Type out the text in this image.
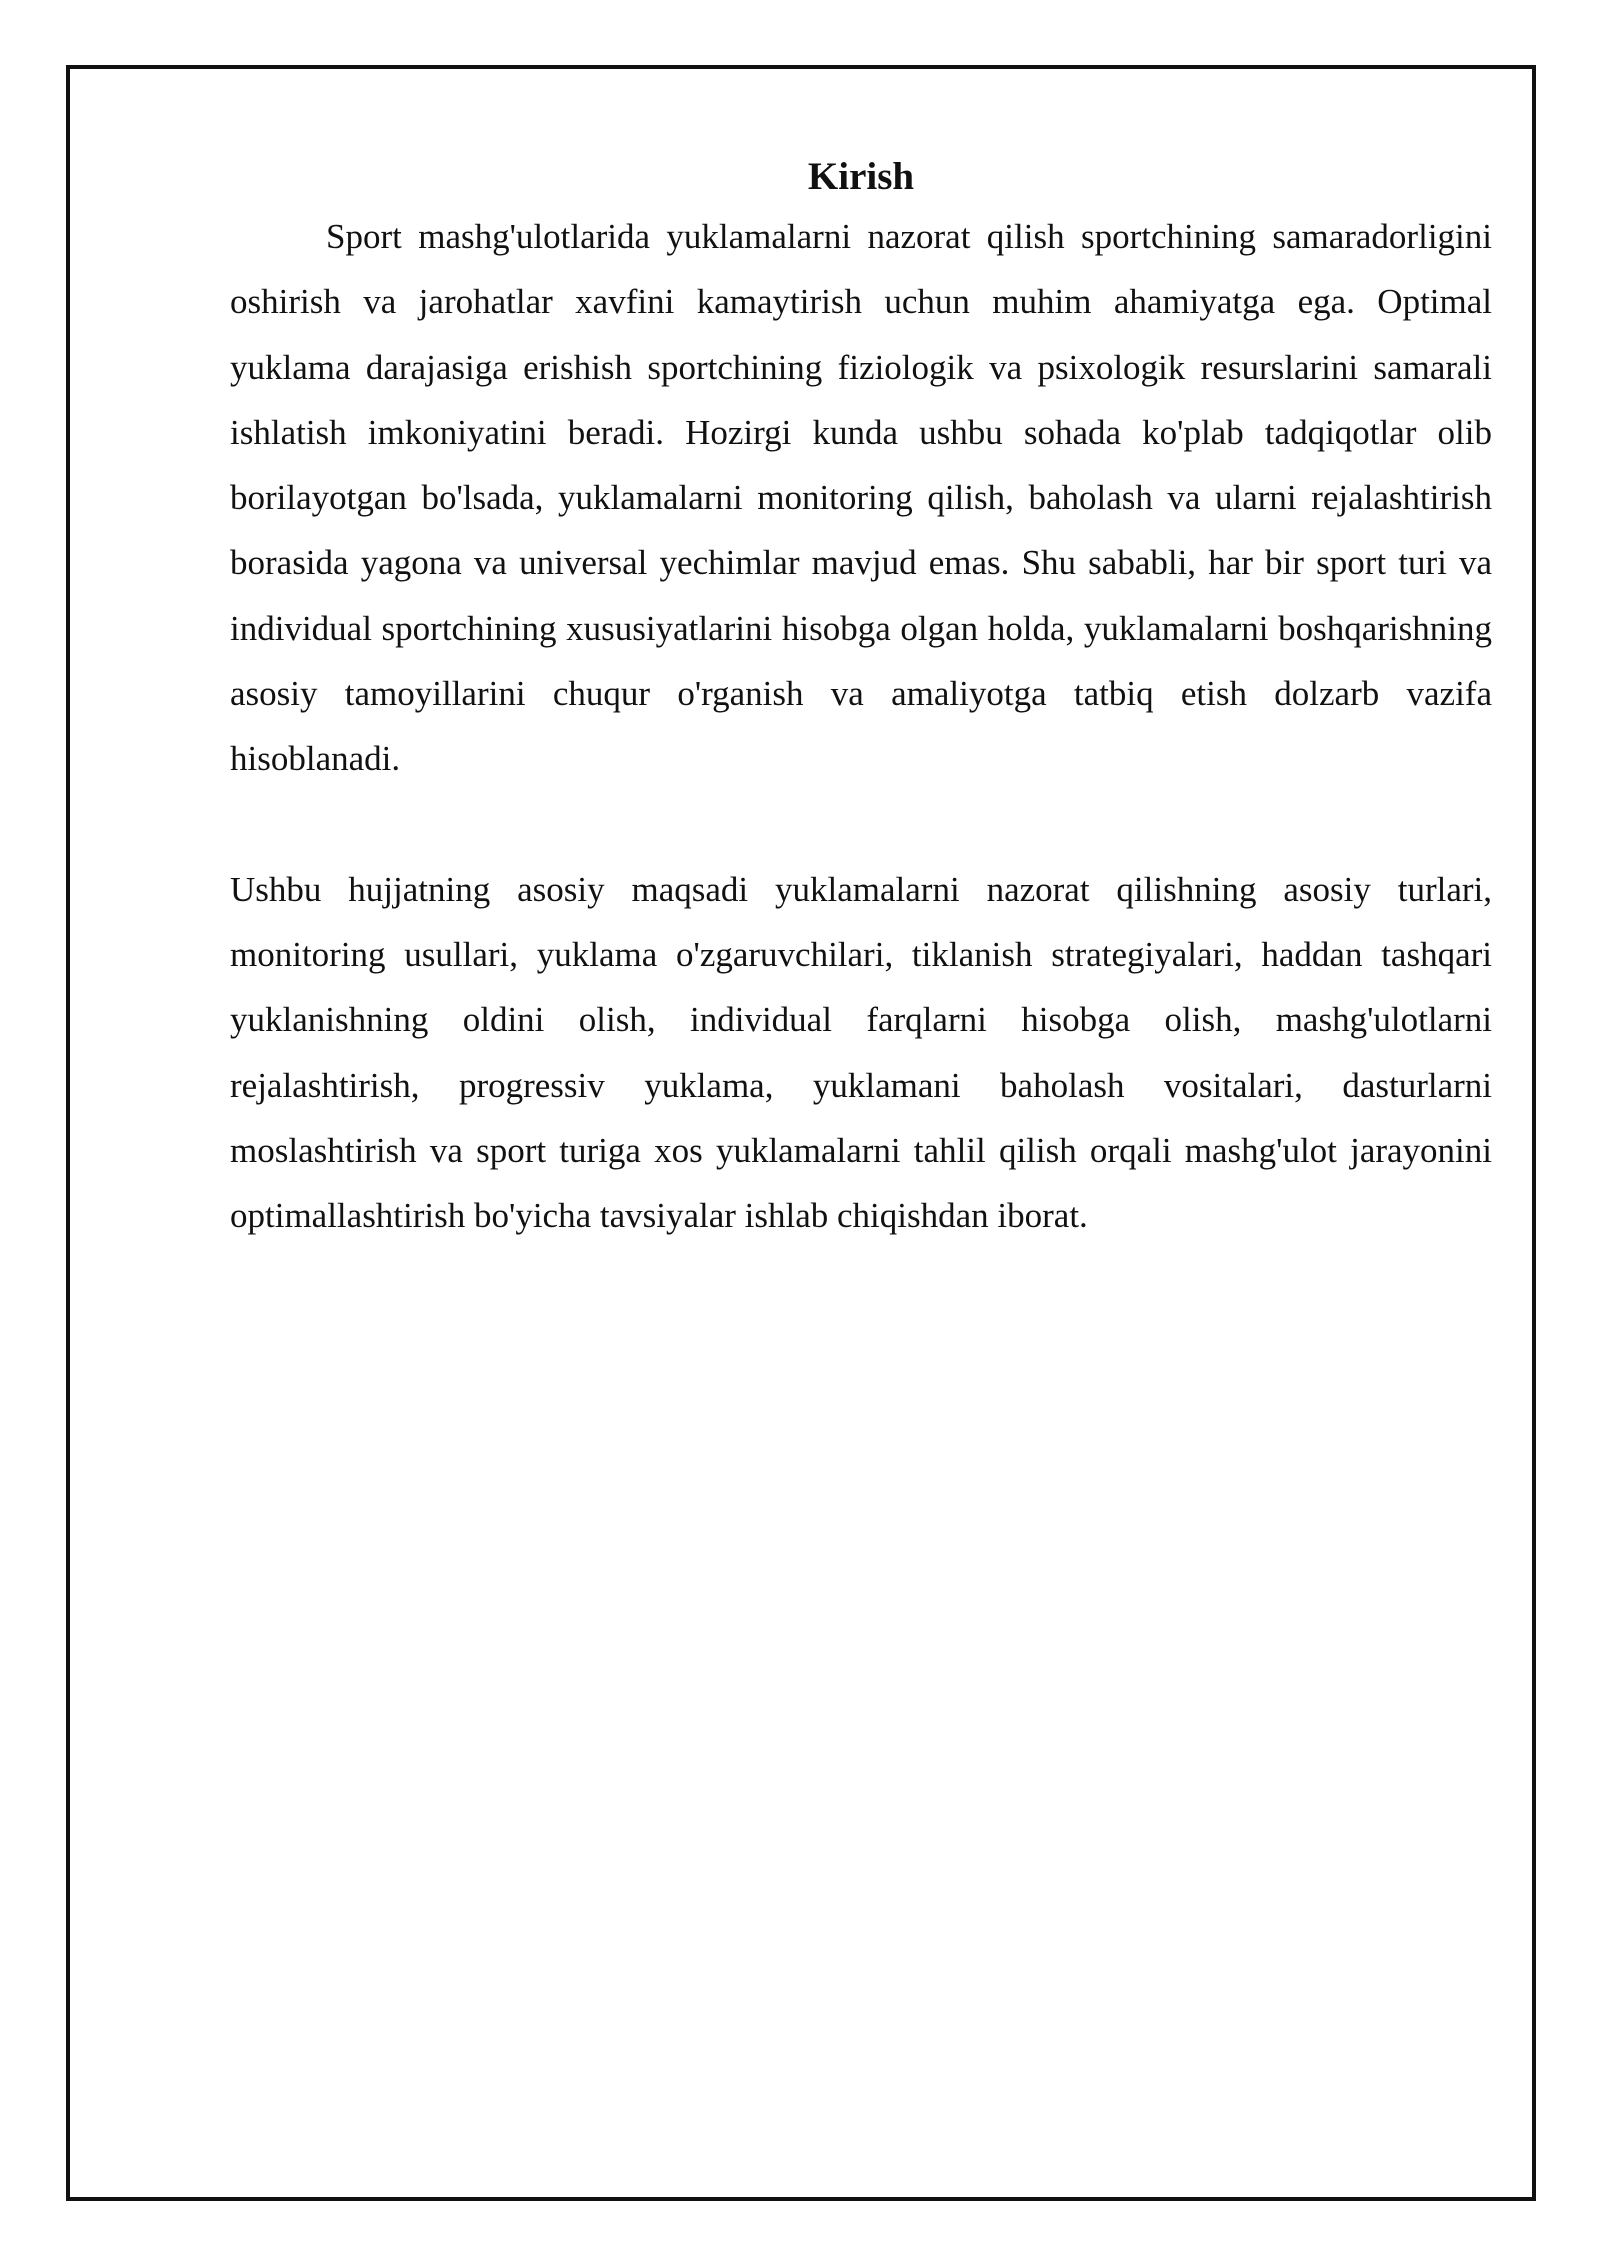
Kirish

Sport mashg'ulotlarida yuklamalarni nazorat qilish sportchining samaradorligini oshirish va jarohatlar xavfini kamaytirish uchun muhim ahamiyatga ega. Optimal yuklama darajasiga erishish sportchining fiziologik va psixologik resurslarini samarali ishlatish imkoniyatini beradi. Hozirgi kunda ushbu sohada ko'plab tadqiqotlar olib borilayotgan bo'lsada, yuklamalarni monitoring qilish, baholash va ularni rejalashtirish borasida yagona va universal yechimlar mavjud emas. Shu sababli, har bir sport turi va individual sportchining xususiyatlarini hisobga olgan holda, yuklamalarni boshqarishning asosiy tamoyillarini chuqur o'rganish va amaliyotga tatbiq etish dolzarb vazifa hisoblanadi.

Ushbu hujjatning asosiy maqsadi yuklamalarni nazorat qilishning asosiy turlari, monitoring usullari, yuklama o'zgaruvchilari, tiklanish strategiyalari, haddan tashqari yuklanishning oldini olish, individual farqlarni hisobga olish, mashg'ulotlarni rejalashtirish, progressiv yuklama, yuklamani baholash vositalari, dasturlarni moslashtirish va sport turiga xos yuklamalarni tahlil qilish orqali mashg'ulot jarayonini optimallashtirish bo'yicha tavsiyalar ishlab chiqishdan iborat.
